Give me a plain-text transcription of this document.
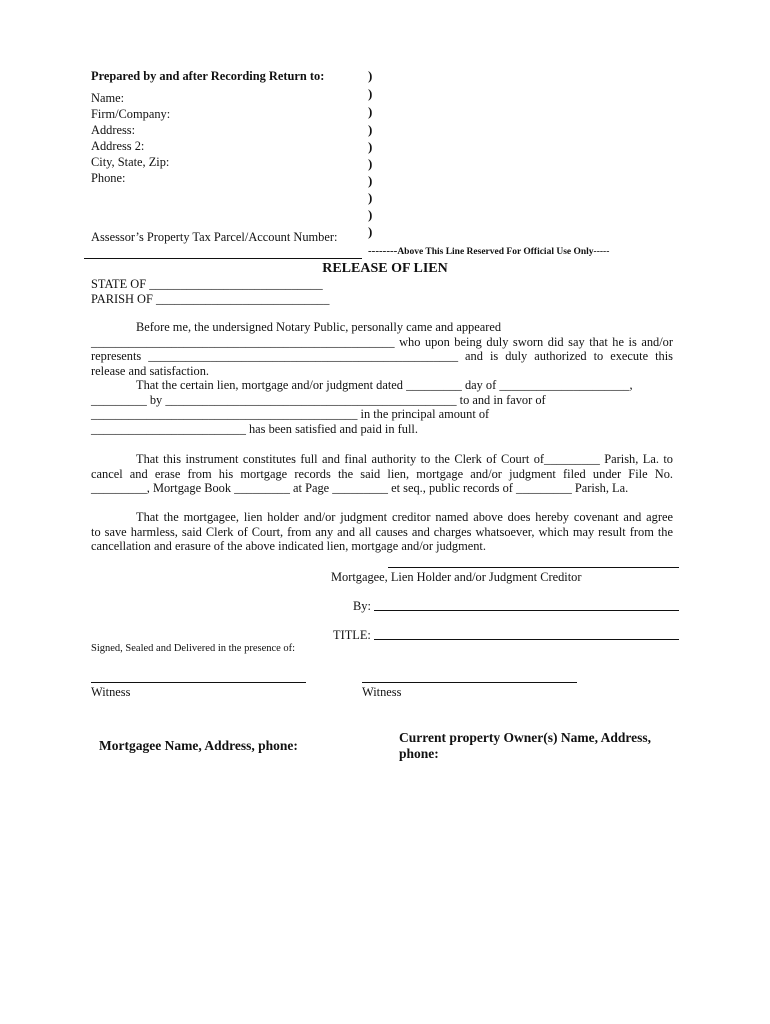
Prepared by and after Recording Return to:
Name:
Firm/Company:
Address:
Address 2:
City, State, Zip:
Phone:
Assessor’s Property Tax Parcel/Account Number:
)
)
)
)
)
)
)
)
)
)
--------Above This Line Reserved For Official Use Only-----
RELEASE OF LIEN
STATE OF ____________________________
PARISH OF ____________________________
Before me, the undersigned Notary Public, personally came and appeared
_________________________________________________ who upon being duly sworn did say that he is and/or
represents __________________________________________________ and is duly authorized to execute this
release and satisfaction.
That the certain lien, mortgage and/or judgment dated _________ day of _____________________,
_________ by _______________________________________________ to and in favor of
___________________________________________ in the principal amount of
_________________________ has been satisfied and paid in full.
That this instrument constitutes full and final authority to the Clerk of Court of_________ Parish, La. to
cancel and erase from his mortgage records the said lien, mortgage and/or judgment filed under File No.
_________, Mortgage Book _________ at Page _________ et seq., public records of _________ Parish, La.
That the mortgagee, lien holder and/or judgment creditor named above does hereby covenant and agree
to save harmless, said Clerk of Court, from any and all causes and charges whatsoever, which may result from the
cancellation and erasure of the above indicated lien, mortgage and/or judgment.
Mortgagee, Lien Holder and/or Judgment Creditor
By:
TITLE:
Signed, Sealed and Delivered in the presence of:
Witness	Witness
Mortgagee Name, Address, phone:
Current property Owner(s) Name, Address,
phone:
